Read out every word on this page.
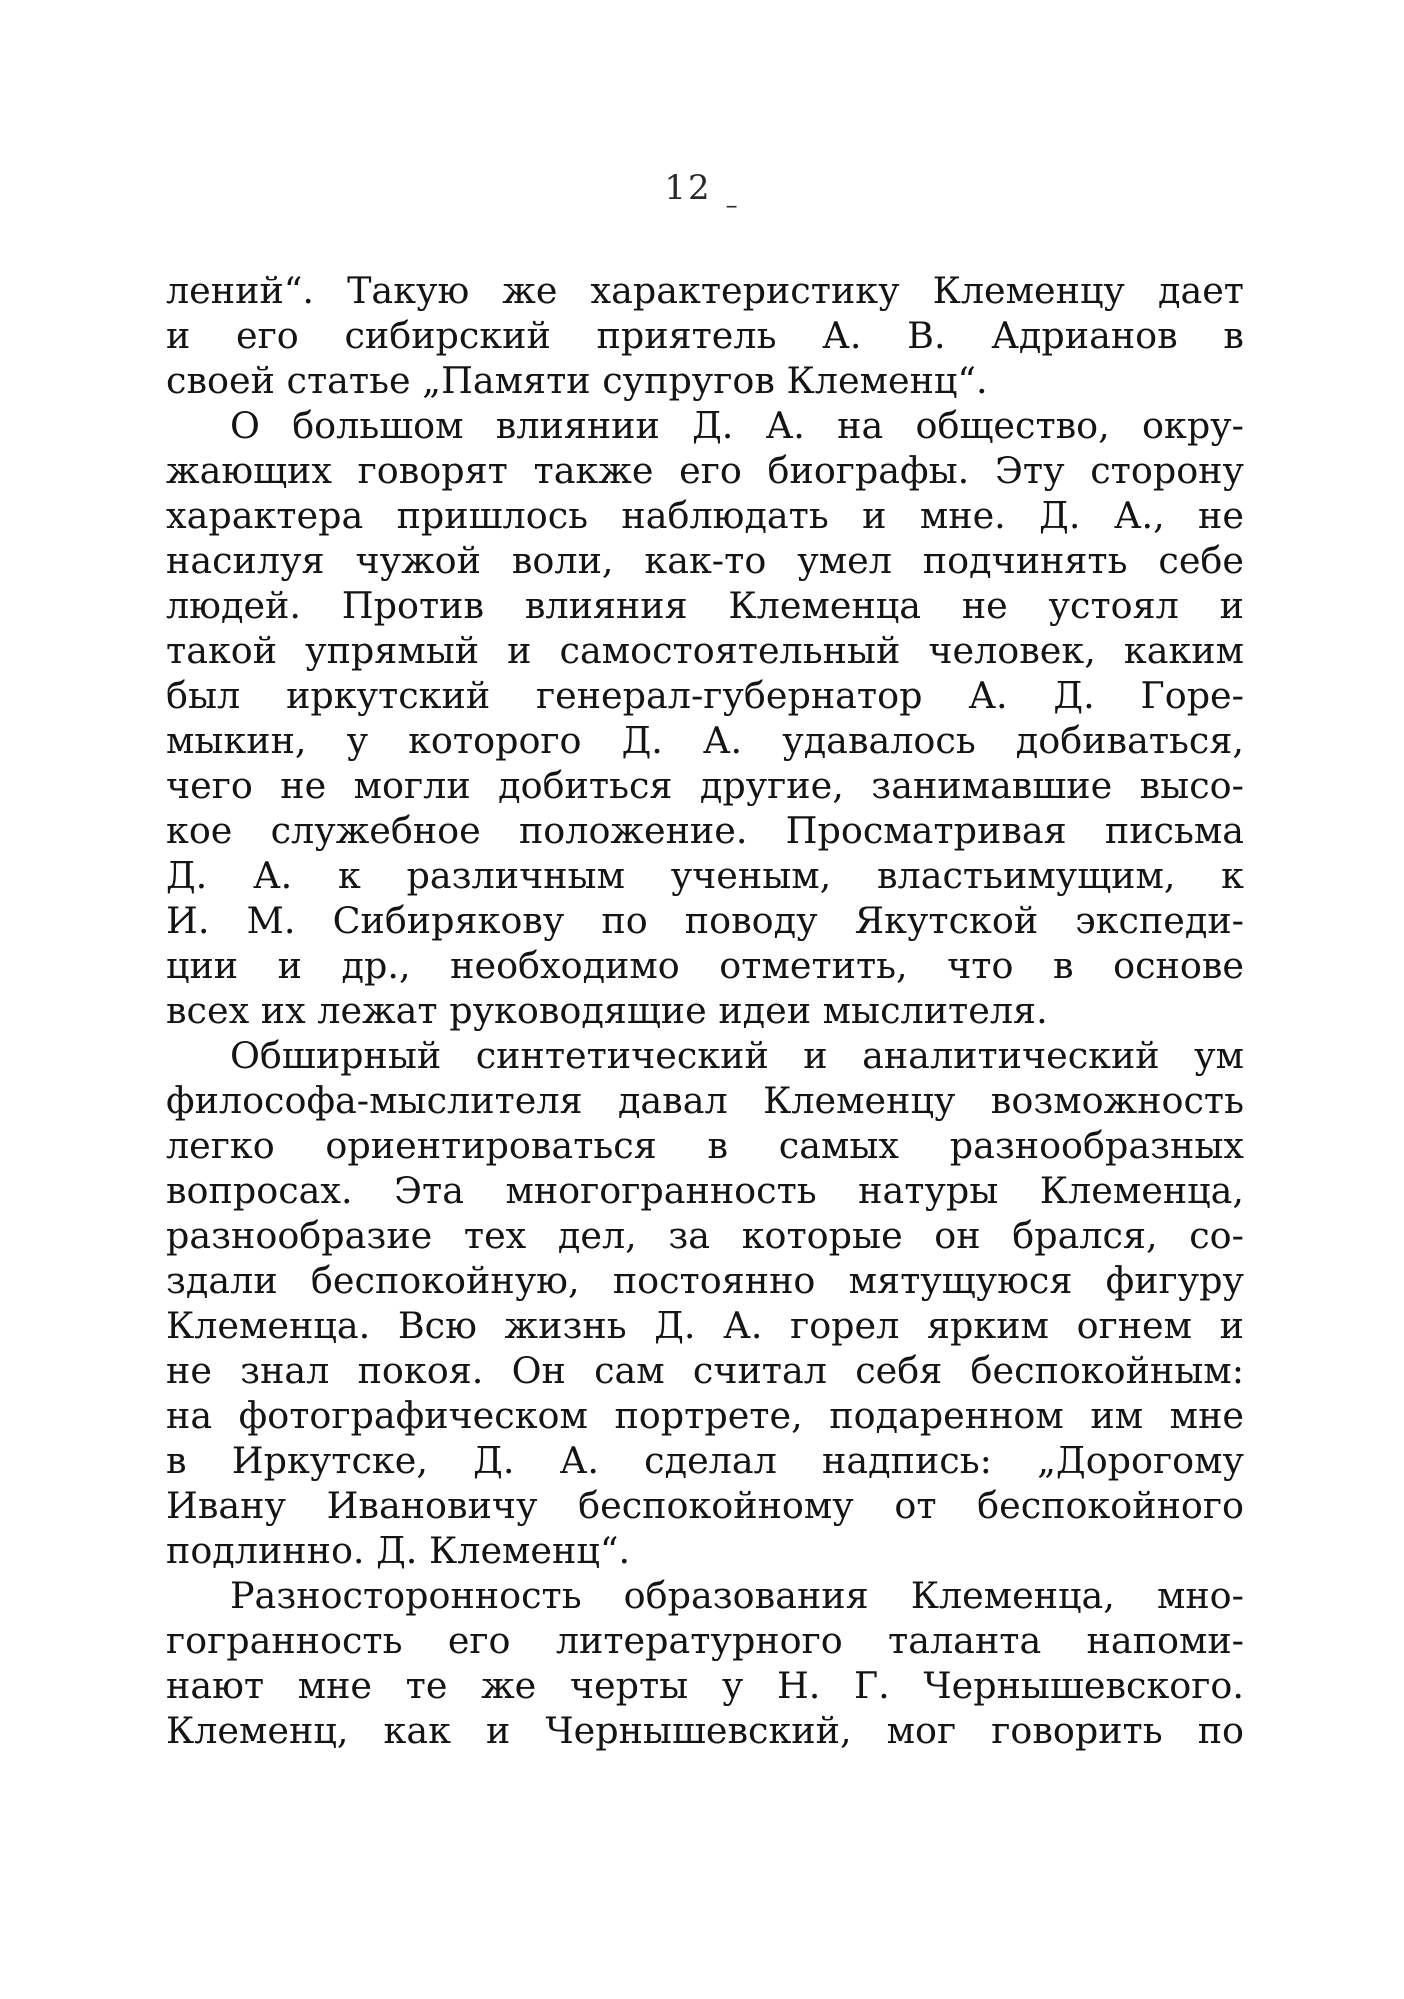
12 –

лений“. Такую же характеристику Клеменцу дает
и его сибирский приятель А. В. Адрианов в
своей статье „Памяти супругов Клеменц“.

О большом влиянии Д. А. на общество, окру-
жающих говорят также его биографы. Эту сторону
характера пришлось наблюдать и мне. Д. А., не
насилуя чужой воли, как-то умел подчинять себе
людей. Против влияния Клеменца не устоял и
такой упрямый и самостоятельный человек, каким
был иркутский генерал-губернатор А. Д. Горе-
мыкин, у которого Д. А. удавалось добиваться,
чего не могли добиться другие, занимавшие высо-
кое служебное положение. Просматривая письма
Д. А. к различным ученым, властьимущим, к
И. М. Сибирякову по поводу Якутской экспеди-
ции и др., необходимо отметить, что в основе
всех их лежат руководящие идеи мыслителя.

Обширный синтетический и аналитический ум
философа-мыслителя давал Клеменцу возможность
легко ориентироваться в самых разнообразных
вопросах. Эта многогранность натуры Клеменца,
разнообразие тех дел, за которые он брался, со-
здали беспокойную, постоянно мятущуюся фигуру
Клеменца. Всю жизнь Д. А. горел ярким огнем и
не знал покоя. Он сам считал себя беспокойным:
на фотографическом портрете, подаренном им мне
в Иркутске, Д. А. сделал надпись: „Дорогому
Ивану Ивановичу беспокойному от беспокойного
подлинно. Д. Клеменц“.

Разносторонность образования Клеменца, мно-
гогранность его литературного таланта напоми-
нают мне те же черты у Н. Г. Чернышевского.
Клеменц, как и Чернышевский, мог говорить по
